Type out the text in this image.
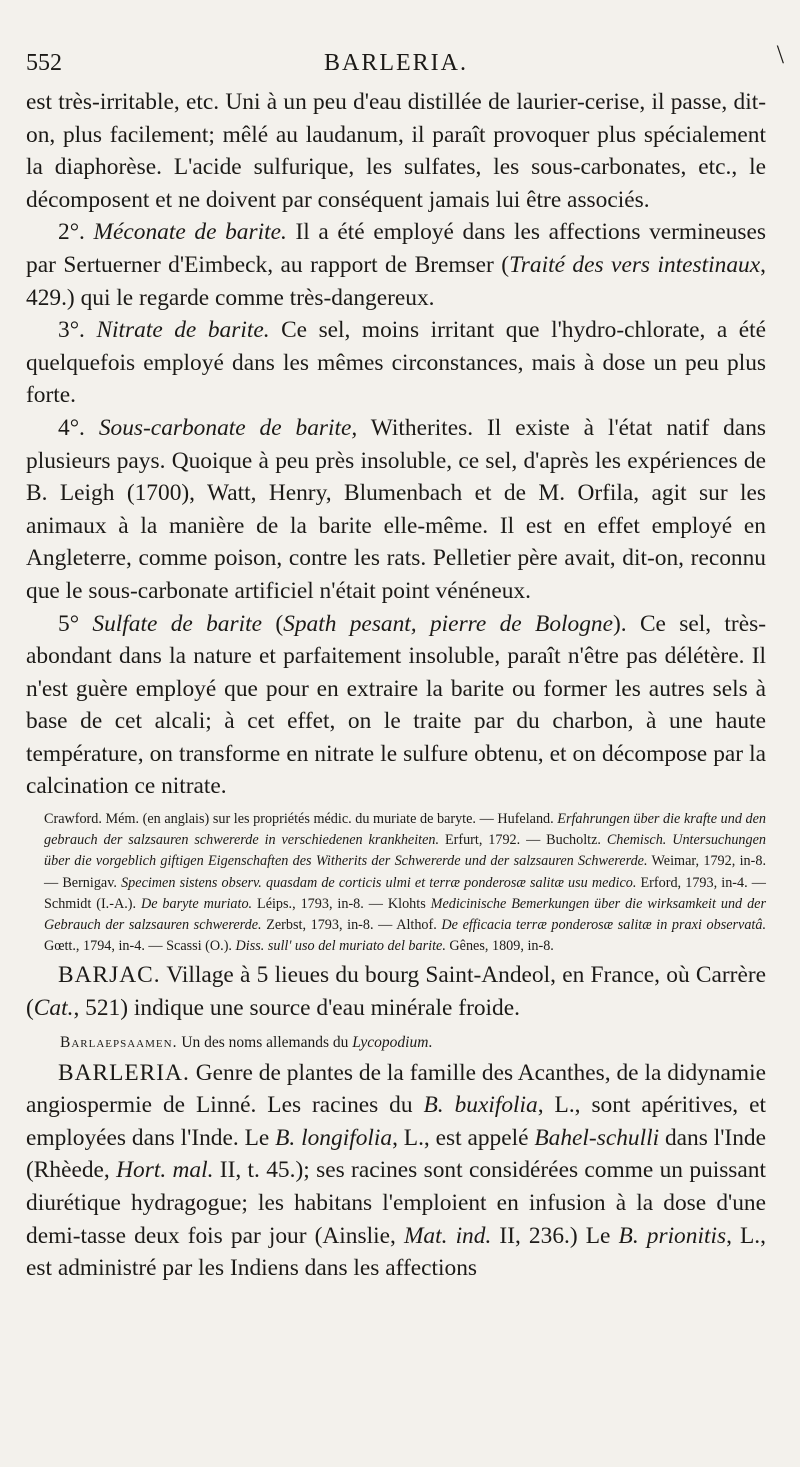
552	BARLERIA.	\

est très-irritable, etc. Uni à un peu d'eau distillée de laurier-cerise, il passe, dit-on, plus facilement; mêlé au laudanum, il paraît provoquer plus spécialement la diaphorèse. L'acide sulfurique, les sulfates, les sous-carbonates, etc., le décomposent et ne doivent par conséquent jamais lui être associés.

2°. Méconate de barite. Il a été employé dans les affections vermineuses par Sertuerner d'Eimbeck, au rapport de Bremser (Traité des vers intestinaux, 429.) qui le regarde comme très-dangereux.

3°. Nitrate de barite. Ce sel, moins irritant que l'hydro-chlorate, a été quelquefois employé dans les mêmes circonstances, mais à dose un peu plus forte.

4°. Sous-carbonate de barite, Witherites. Il existe à l'état natif dans plusieurs pays. Quoique à peu près insoluble, ce sel, d'après les expériences de B. Leigh (1700), Watt, Henry, Blumenbach et de M. Orfila, agit sur les animaux à la manière de la barite elle-même. Il est en effet employé en Angleterre, comme poison, contre les rats. Pelletier père avait, dit-on, reconnu que le sous-carbonate artificiel n'était point vénéneux.

5° Sulfate de barite (Spath pesant, pierre de Bologne). Ce sel, très-abondant dans la nature et parfaitement insoluble, paraît n'être pas délétère. Il n'est guère employé que pour en extraire la barite ou former les autres sels à base de cet alcali; à cet effet, on le traite par du charbon, à une haute température, on transforme en nitrate le sulfure obtenu, et on décompose par la calcination ce nitrate.

Crawford. Mém. (en anglais) sur les propriétés médic. du muriate de baryte. — Hufeland. Erfahrungen über die krafte und den gebrauch der salzsauren schwererde in verschiedenen krankheiten. Erfurt, 1792. — Bucholtz. Chemisch. Untersuchungen über die vorgeblich giftigen Eigenschaften des Witherits der Schwererde und der salzsauren Schwererde. Weimar, 1792, in-8. — Bernigav. Specimen sistens observ. quasdam de corticis ulmi et terræ ponderosæ salitæ usu medico. Erford, 1793, in-4. — Schmidt (I.-A.). De baryte muriato. Léips., 1793, in-8. — Klohts Medicinische Bemerkungen über die wirksamkeit und der Gebrauch der salzsauren schwererde. Zerbst, 1793, in-8. — Althof. De efficacia terræ ponderosæ salitæ in praxi observatâ. Gœtt., 1794, in-4. — Scassi (O.). Diss. sull' uso del muriato del barite. Gênes, 1809, in-8.

BARJAC. Village à 5 lieues du bourg Saint-Andeol, en France, où Carrère (Cat., 521) indique une source d'eau minérale froide.

Barlaepsaamen. Un des noms allemands du Lycopodium.

BARLERIA. Genre de plantes de la famille des Acanthes, de la didynamie angiospermie de Linné. Les racines du B. buxifolia, L., sont apéritives, et employées dans l'Inde. Le B. longifolia, L., est appelé Bahel-schulli dans l'Inde (Rhèede, Hort. mal. II, t. 45.); ses racines sont considérées comme un puissant diurétique hydragogue; les habitans l'emploient en infusion à la dose d'une demi-tasse deux fois par jour (Ainslie, Mat. ind. II, 236.) Le B. prionitis, L., est administré par les Indiens dans les affections
